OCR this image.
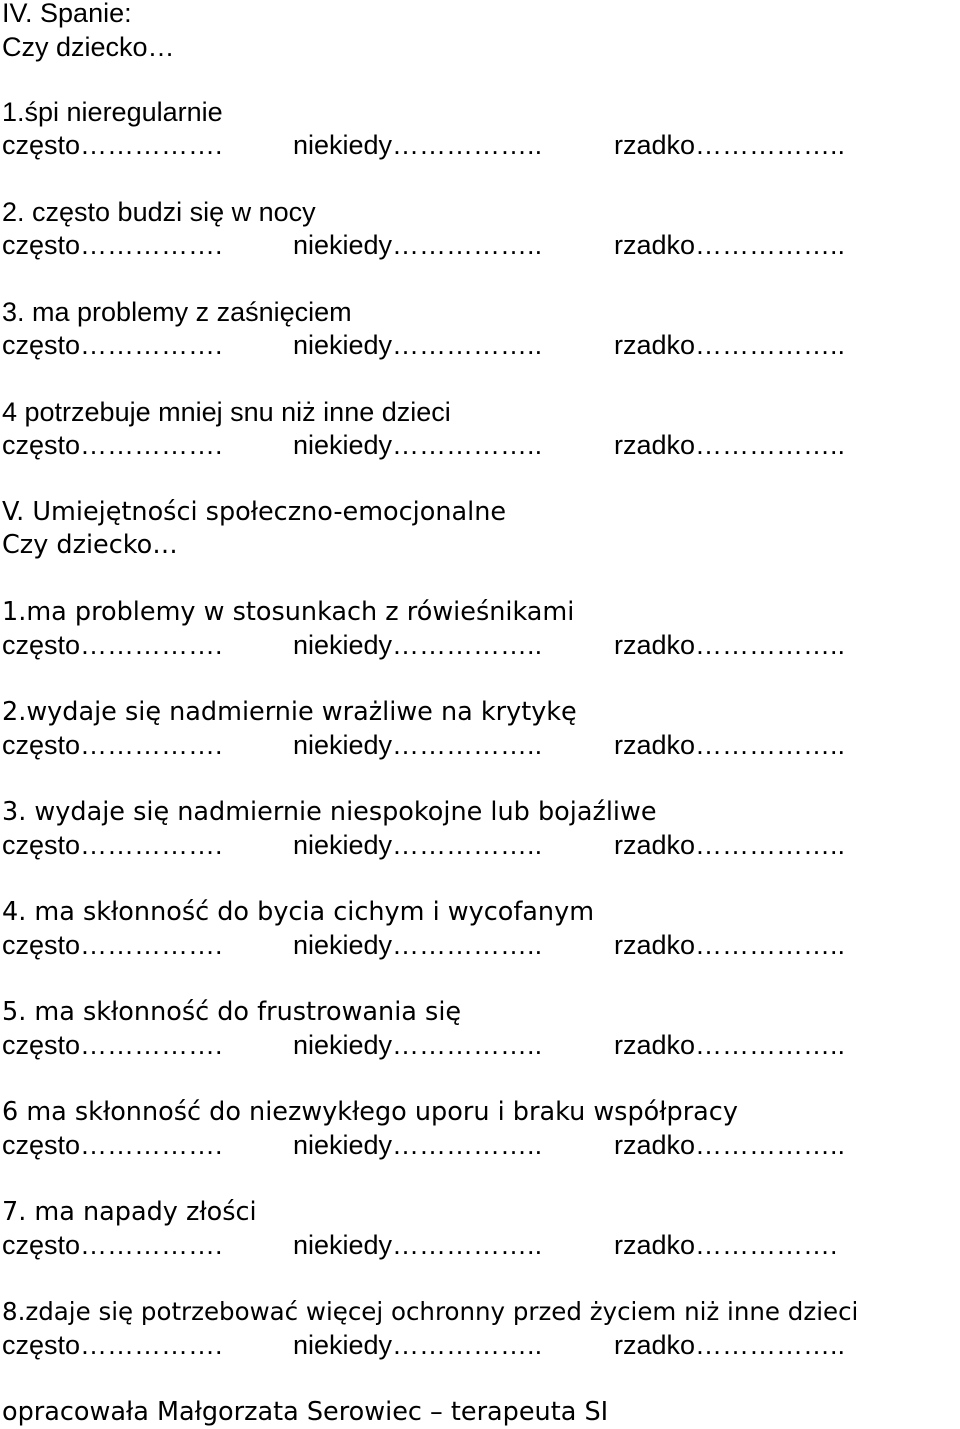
IV. Spanie:

Czy dziecko…

1.śpi nieregularnie

często…………….	niekiedy……………..	rzadko……………..

2. często budzi się w nocy

często…………….	niekiedy……………..	rzadko……………..

3. ma problemy z zaśnięciem

często…………….	niekiedy……………..	rzadko……………..

4 potrzebuje mniej snu niż inne dzieci

często…………….	niekiedy……………..	rzadko……………..

V. Umiejętności społeczno-emocjonalne

Czy dziecko…

1.ma problemy w stosunkach z rówieśnikami

często…………….	niekiedy……………..	rzadko……………..

2.wydaje się nadmiernie wrażliwe na krytykę

często…………….	niekiedy……………..	rzadko……………..

3. wydaje się nadmiernie niespokojne lub bojaźliwe

często…………….	niekiedy……………..	rzadko……………..

4. ma skłonność do bycia cichym i wycofanym

często…………….	niekiedy……………..	rzadko……………..

5. ma skłonność do frustrowania się

często…………….	niekiedy……………..	rzadko……………..

6 ma skłonność do niezwykłego uporu i braku współpracy

często…………….	niekiedy……………..	rzadko……………..

7. ma napady złości

często…………….	niekiedy……………..	rzadko…………….

8.zdaje się potrzebować więcej ochronny przed życiem niż inne dzieci

często…………….	niekiedy……………..	rzadko……………..

opracowała Małgorzata Serowiec – terapeuta SI
